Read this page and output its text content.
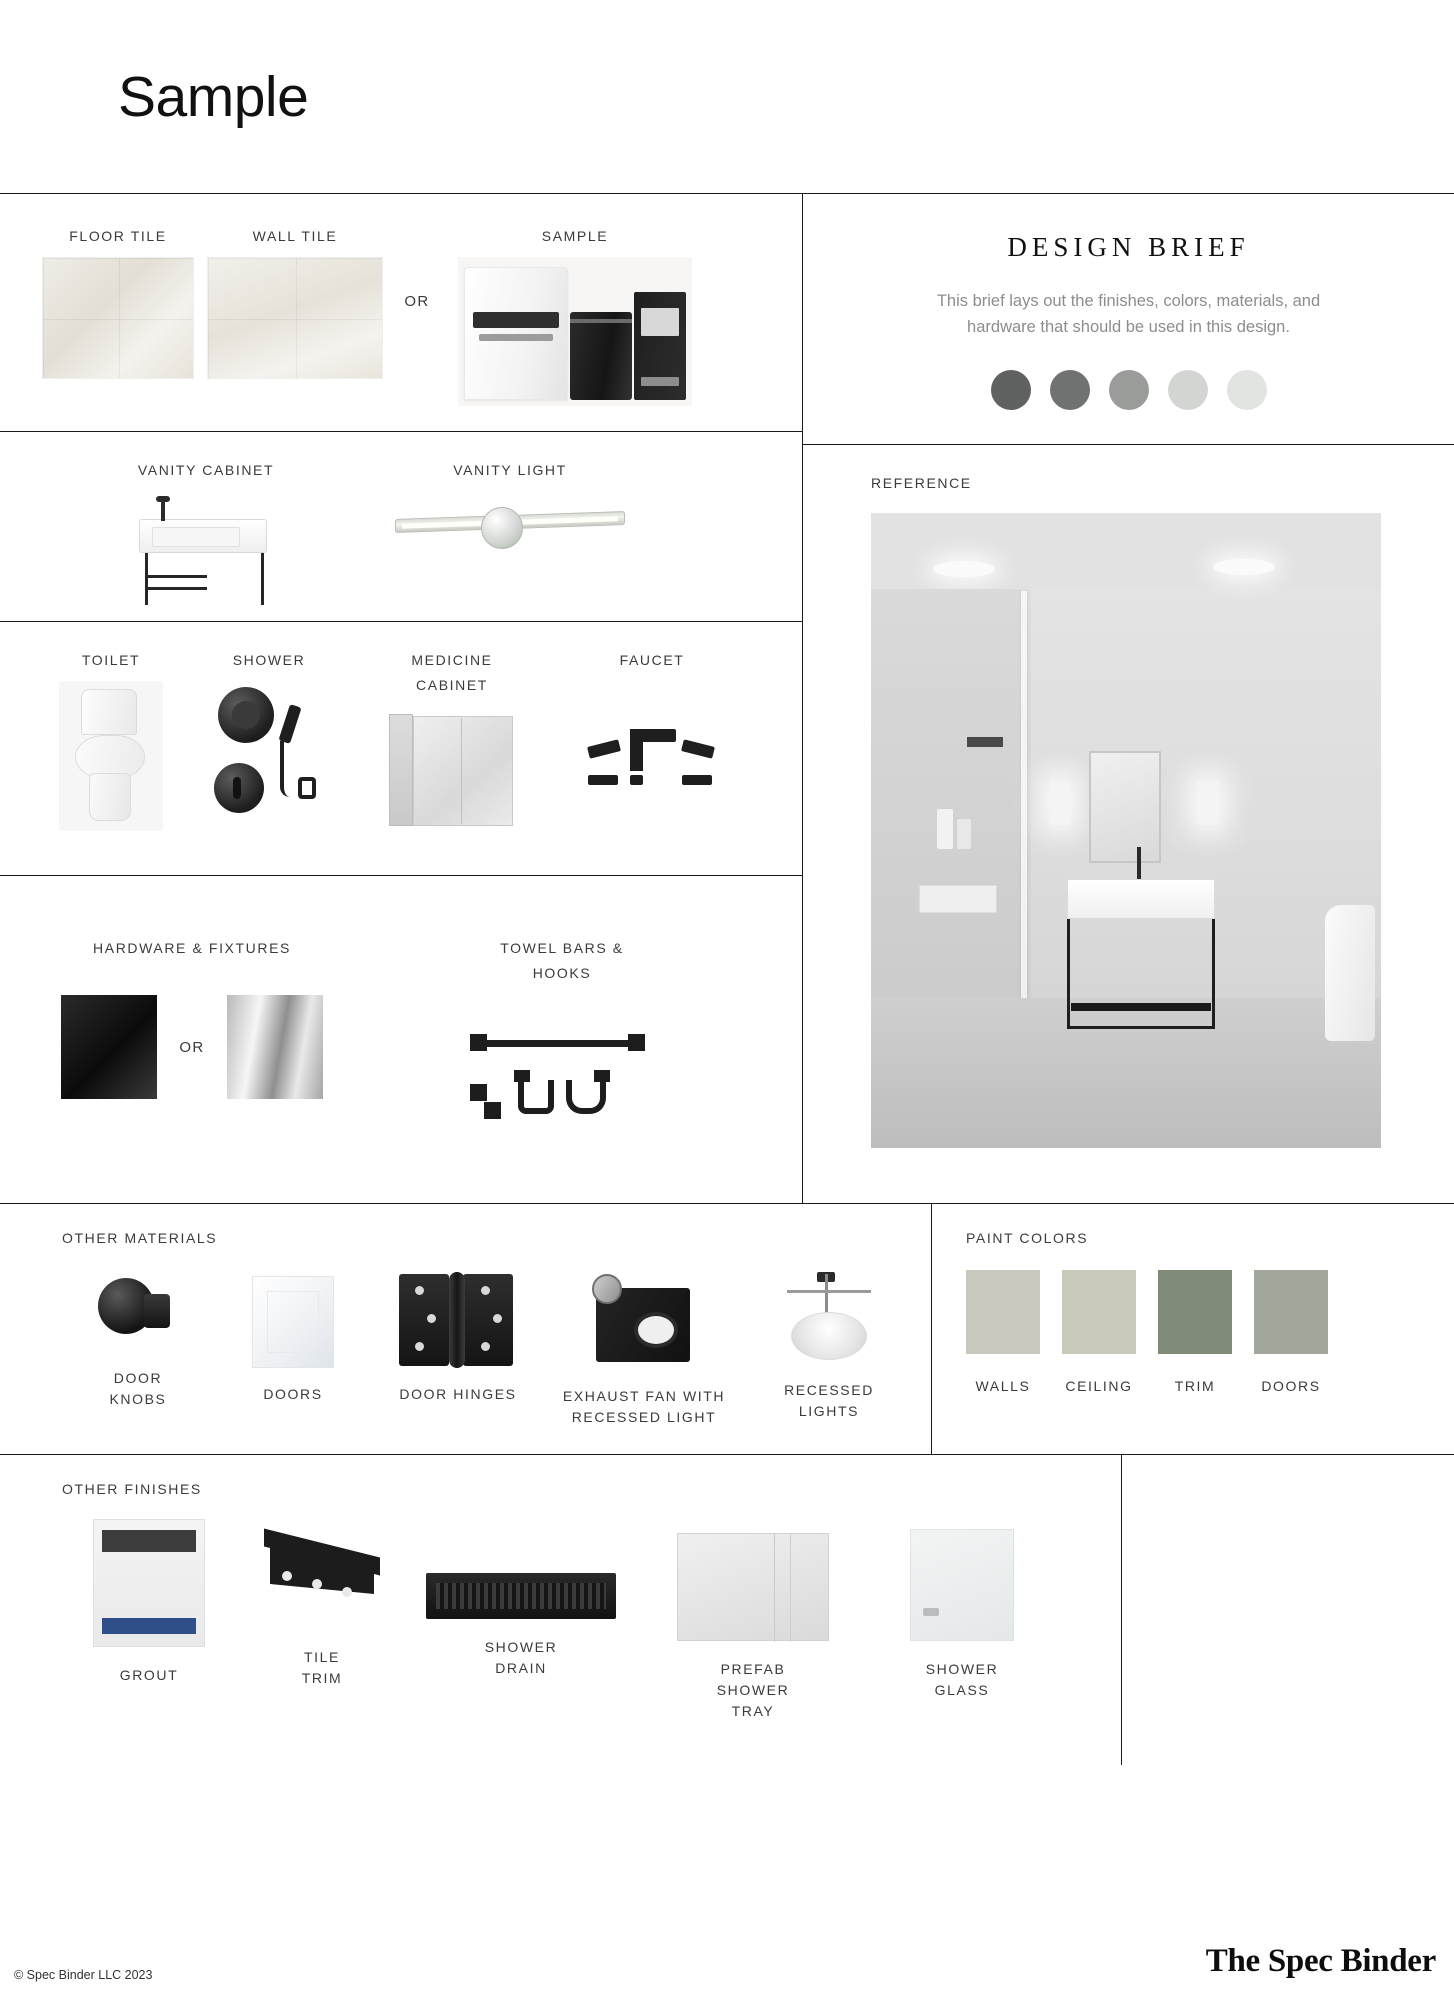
Sample
FLOOR TILE	WALL TILE
OR
SAMPLE
VANITY CABINET	VANITY LIGHT
TOILET	SHOWER	MEDICINE
CABINET
FAUCET
HARDWARE & FIXTURES
OR
TOWEL BARS &
HOOKS
DESIGN BRIEF
This brief lays out the finishes, colors, materials, and hardware that should be used in this design.
REFERENCE
OTHER MATERIALS
DOOR
KNOBS	DOORS	DOOR HINGES	EXHAUST FAN WITH
RECESSED LIGHT
RECESSED
LIGHTS
PAINT COLORS
WALLS CEILING	TRIM	DOORS
OTHER FINISHES
GROUT
TILE
TRIM
SHOWER
DRAIN	PREFAB
SHOWER
TRAY
SHOWER
GLASS
© Spec Binder LLC 2023	The Spec Binder
